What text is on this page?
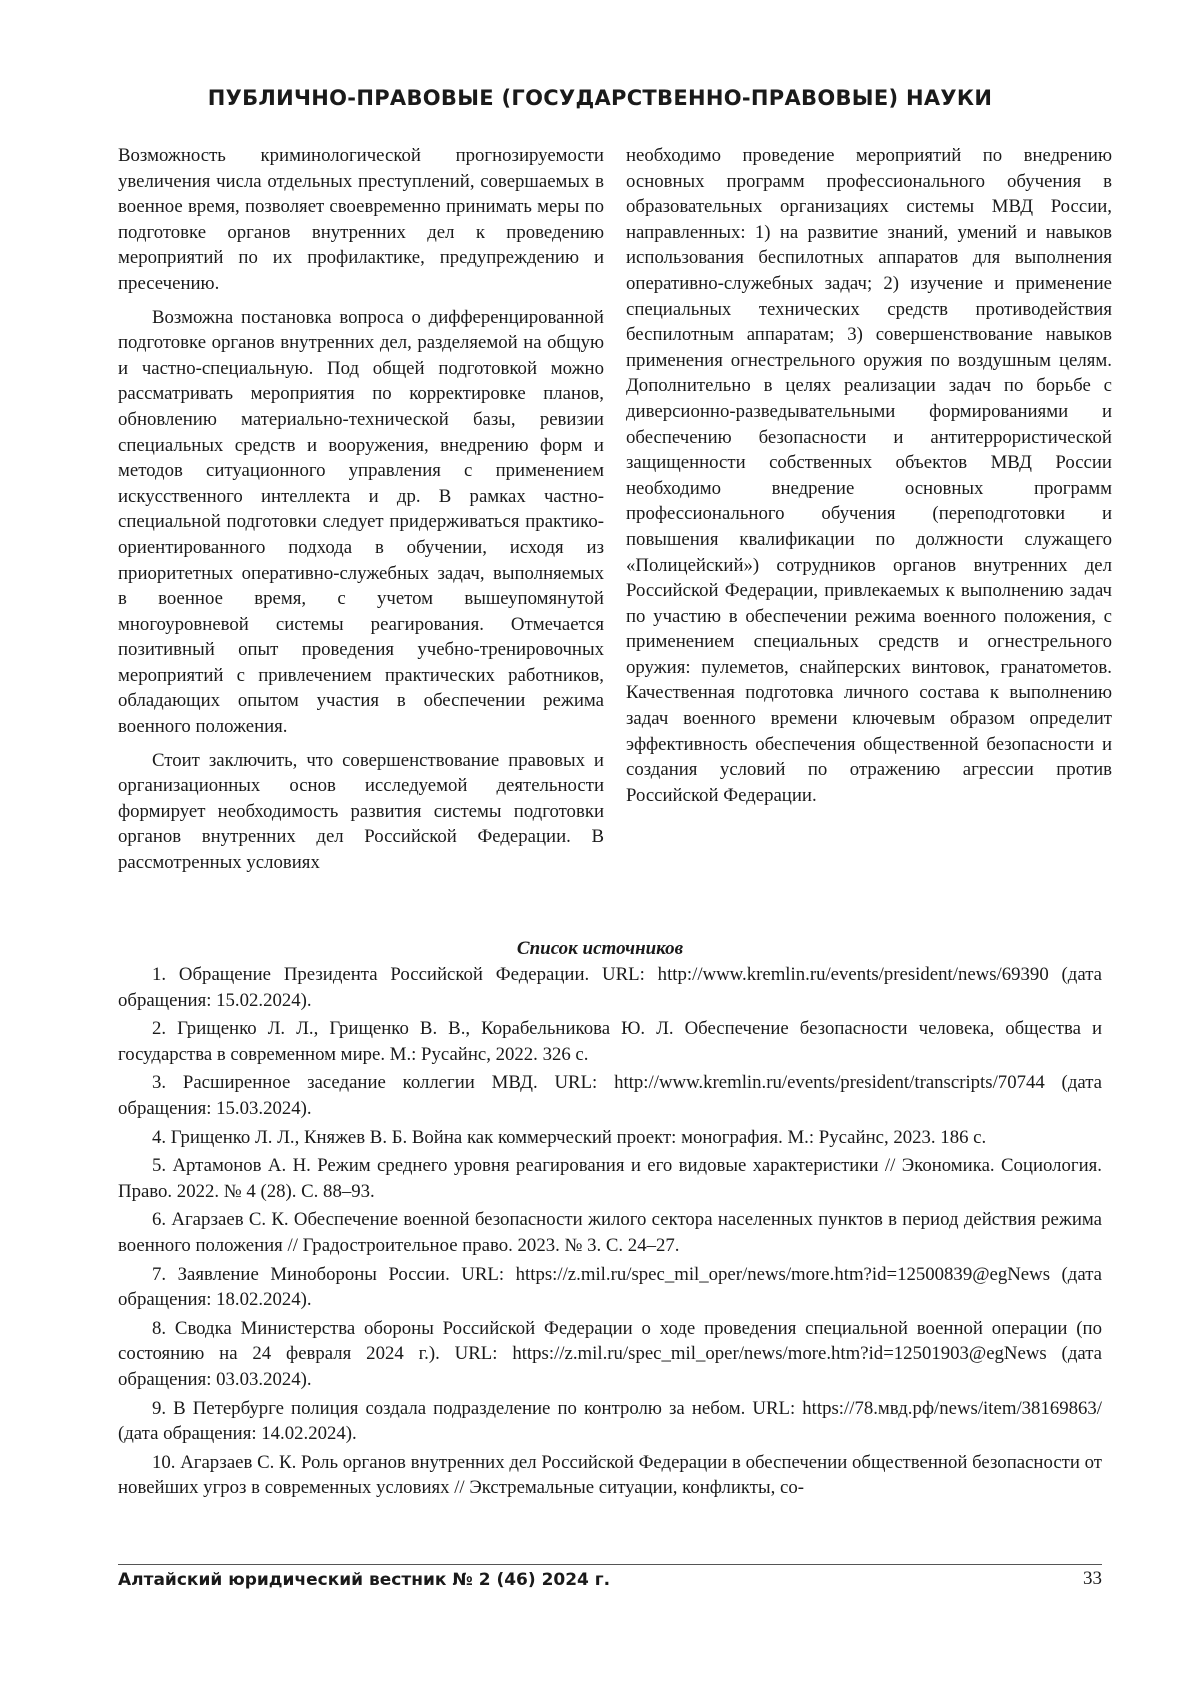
ПУБЛИЧНО-ПРАВОВЫЕ (ГОСУДАРСТВЕННО-ПРАВОВЫЕ) НАУКИ

Возможность криминологической прогнозируемости увеличения числа отдельных преступлений, совершаемых в военное время, позволяет своевременно принимать меры по подготовке органов внутренних дел к проведению мероприятий по их профилактике, предупреждению и пресечению.

Возможна постановка вопроса о дифференцированной подготовке органов внутренних дел, разделяемой на общую и частно-специальную. Под общей подготовкой можно рассматривать мероприятия по корректировке планов, обновлению материально-технической базы, ревизии специальных средств и вооружения, внедрению форм и методов ситуационного управления с применением искусственного интеллекта и др. В рамках частно-специальной подготовки следует придерживаться практико-ориентированного подхода в обучении, исходя из приоритетных оперативно-служебных задач, выполняемых в военное время, с учетом вышеупомянутой многоуровневой системы реагирования. Отмечается позитивный опыт проведения учебно-тренировочных мероприятий с привлечением практических работников, обладающих опытом участия в обеспечении режима военного положения.

Стоит заключить, что совершенствование правовых и организационных основ исследуемой деятельности формирует необходимость развития системы подготовки органов внутренних дел Российской Федерации. В рассмотренных условиях

необходимо проведение мероприятий по внедрению основных программ профессионального обучения в образовательных организациях системы МВД России, направленных: 1) на развитие знаний, умений и навыков использования беспилотных аппаратов для выполнения оперативно-служебных задач; 2) изучение и применение специальных технических средств противодействия беспилотным аппаратам; 3) совершенствование навыков применения огнестрельного оружия по воздушным целям. Дополнительно в целях реализации задач по борьбе с диверсионно-разведывательными формированиями и обеспечению безопасности и антитеррористической защищенности собственных объектов МВД России необходимо внедрение основных программ профессионального обучения (переподготовки и повышения квалификации по должности служащего «Полицейский») сотрудников органов внутренних дел Российской Федерации, привлекаемых к выполнению задач по участию в обеспечении режима военного положения, с применением специальных средств и огнестрельного оружия: пулеметов, снайперских винтовок, гранатометов. Качественная подготовка личного состава к выполнению задач военного времени ключевым образом определит эффективность обеспечения общественной безопасности и создания условий по отражению агрессии против Российской Федерации.

Список источников

1. Обращение Президента Российской Федерации. URL: http://www.kremlin.ru/events/president/news/69390 (дата обращения: 15.02.2024).

2. Грищенко Л. Л., Грищенко В. В., Корабельникова Ю. Л. Обеспечение безопасности человека, общества и государства в современном мире. М.: Русайнс, 2022. 326 с.

3. Расширенное заседание коллегии МВД. URL: http://www.kremlin.ru/events/president/transcripts/70744 (дата обращения: 15.03.2024).

4. Грищенко Л. Л., Княжев В. Б. Война как коммерческий проект: монография. М.: Русайнс, 2023. 186 с.

5. Артамонов А. Н. Режим среднего уровня реагирования и его видовые характеристики // Экономика. Социология. Право. 2022. № 4 (28). С. 88–93.

6. Агарзаев С. К. Обеспечение военной безопасности жилого сектора населенных пунктов в период действия режима военного положения // Градостроительное право. 2023. № 3. С. 24–27.

7. Заявление Минобороны России. URL: https://z.mil.ru/spec_mil_oper/news/more.htm?id=12500839@egNews (дата обращения: 18.02.2024).

8. Сводка Министерства обороны Российской Федерации о ходе проведения специальной военной операции (по состоянию на 24 февраля 2024 г.). URL: https://z.mil.ru/spec_mil_oper/news/more.htm?id=12501903@egNews (дата обращения: 03.03.2024).

9. В Петербурге полиция создала подразделение по контролю за небом. URL: https://78.мвд.рф/news/item/38169863/ (дата обращения: 14.02.2024).

10. Агарзаев С. К. Роль органов внутренних дел Российской Федерации в обеспечении общественной безопасности от новейших угроз в современных условиях // Экстремальные ситуации, конфликты, со-

Алтайский юридический вестник № 2 (46) 2024 г.	33
